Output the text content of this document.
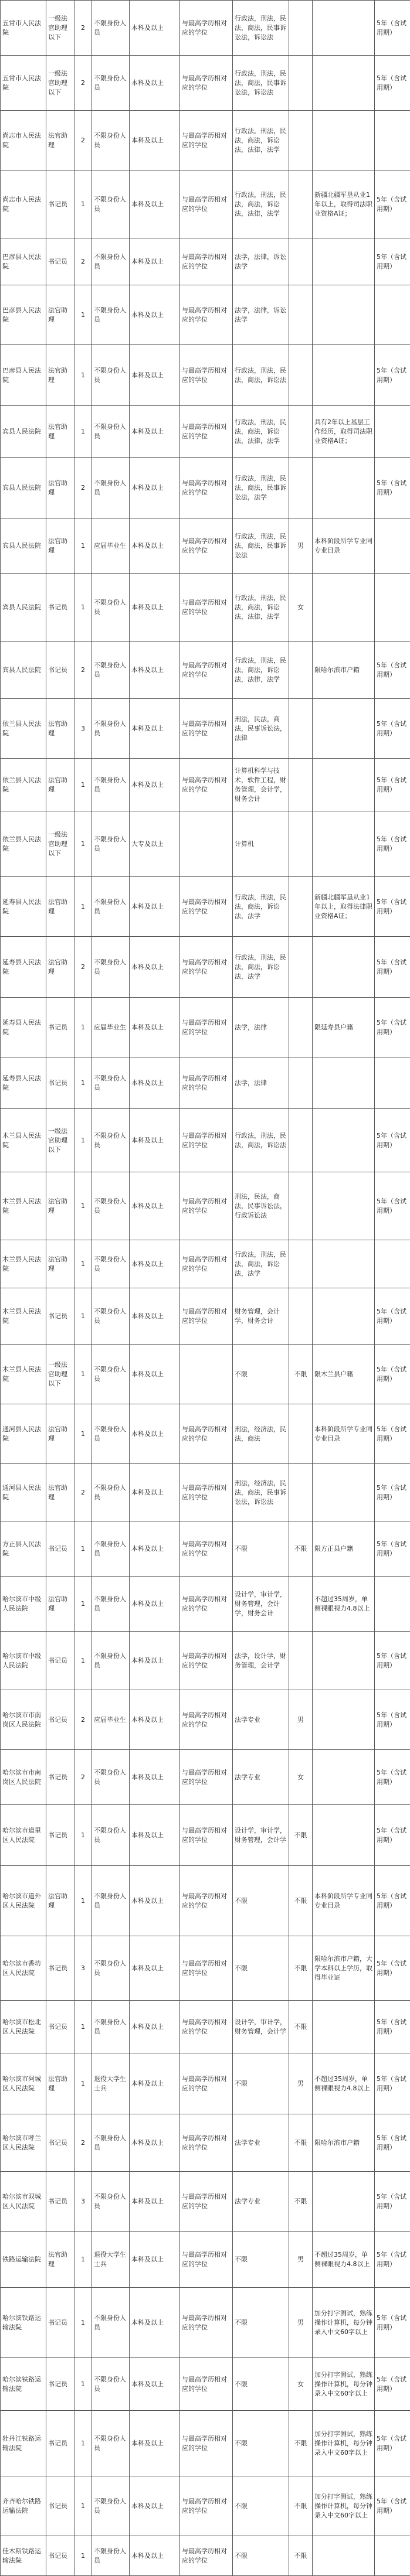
五常市人民法院	一级法官助理以下	2	不限身份人员	本科及以上	与最高学历相对应的学位	行政法，刑法，民法，商法，民事诉讼法，诉讼法			5年（含试用期）
五常市人民法院	一级法官助理以下	2	不限身份人员	本科及以上	与最高学历相对应的学位	行政法，刑法，民法，商法，民事诉讼法，诉讼法			5年（含试用期）
尚志市人民法院	法官助理	2	不限身份人员	本科及以上	与最高学历相对应的学位	行政法，刑法，民法，商法，诉讼法，法律，法学			
尚志市人民法院	书记员	1	不限身份人员	本科及以上	与最高学历相对应的学位	行政法，刑法，民法，商法，诉讼法，法律，法学		新疆北疆军垦从业1年以上，取得司法职业资格A证；	5年（含试用期）
巴彦县人民法院	书记员	2	不限身份人员	本科及以上	与最高学历相对应的学位	法学，法律，诉讼法学			5年（含试用期）
巴彦县人民法院	法官助理	1	不限身份人员	本科及以上	与最高学历相对应的学位	法学，法律，诉讼法学			
巴彦县人民法院	法官助理	1	不限身份人员	本科及以上	与最高学历相对应的学位	行政法，刑法，民法，商法，诉讼法			5年（含试用期）
宾县人民法院	法官助理	1	不限身份人员	本科及以上	与最高学历相对应的学位	行政法，刑法，民法，商法，诉讼法，法律，法学		具有2年以上基层工作经历，取得司法职业资格A证；	
宾县人民法院	法官助理	2	不限身份人员	本科及以上	与最高学历相对应的学位	行政法，刑法，民法，商法，民事诉讼法，法学			5年（含试用期）
宾县人民法院	法官助理	1	应届毕业生	本科及以上	与最高学历相对应的学位	行政法，刑法，民法，商法，民事诉讼法	男	本科阶段所学专业同专业目录	
宾县人民法院	书记员	1	不限身份人员	本科及以上	与最高学历相对应的学位	行政法，刑法，民法，商法，诉讼法，法律，法学	女		
宾县人民法院	书记员	2	不限身份人员	本科及以上	与最高学历相对应的学位	行政法，刑法，民法，商法，诉讼法，法律，法学		限哈尔滨市户籍	5年（含试用期）
依兰县人民法院	法官助理	3	不限身份人员	本科及以上	与最高学历相对应的学位	刑法，民法，商法，民事诉讼法，法律			5年（含试用期）
依兰县人民法院	法官助理	1	不限身份人员	本科及以上	与最高学历相对应的学位	计算机科学与技术，软件工程，财务管理，会计学，财务会计			5年（含试用期）
依兰县人民法院	一级法官助理以下	1	不限身份人员	大专及以上		计算机			5年（含试用期）
延寿县人民法院	法官助理	1	不限身份人员	本科及以上	与最高学历相对应的学位	行政法，刑法，民法，商法，诉讼法，法学		新疆北疆军垦从业1年以上，取得法律职业资格A证；	5年（含试用期）
延寿县人民法院	法官助理	2	不限身份人员	本科及以上	与最高学历相对应的学位	行政法，刑法，民法，商法，诉讼法，法学			5年（含试用期）
延寿县人民法院	书记员	1	应届毕业生	本科及以上	与最高学历相对应的学位	法学，法律		限延寿县户籍	5年（含试用期）
延寿县人民法院	书记员	1	不限身份人员	本科及以上	与最高学历相对应的学位	法学，法律			
木兰县人民法院	一级法官助理以下	1	不限身份人员	本科及以上	与最高学历相对应的学位	行政法，刑法，民法，商法，诉讼法			5年（含试用期）
木兰县人民法院	法官助理	1	不限身份人员	本科及以上	与最高学历相对应的学位	刑法，民法，商法，民事诉讼法，行政诉讼法			5年（含试用期）
木兰县人民法院	法官助理	1	不限身份人员	本科及以上	与最高学历相对应的学位	行政法，刑法，民法，商法，诉讼法，法学			
木兰县人民法院	书记员	1	不限身份人员	本科及以上	与最高学历相对应的学位	财务管理，会计学，财务会计			5年（含试用期）
木兰县人民法院	一级法官助理以下	1	不限身份人员	本科及以上		不限	不限	限木兰县户籍	5年（含试用期）
通河县人民法院	法官助理	1	不限身份人员	本科及以上	与最高学历相对应的学位	刑法，经济法，民法，商法		本科阶段所学专业同专业目录	5年（含试用期）
通河县人民法院	法官助理	2	不限身份人员	本科及以上	与最高学历相对应的学位	刑法，经济法，民法，商法，民事诉讼法，诉讼法			5年（含试用期）
方正县人民法院	书记员	1	不限身份人员	本科及以上	与最高学历相对应的学位	不限	不限	限方正县户籍	5年（含试用期）
哈尔滨市中级人民法院	法官助理	1	不限身份人员	本科及以上	与最高学历相对应的学位	设计学，审计学，财务管理，会计学，财务会计		不超过35周岁，单侧裸眼视力4.8以上	
哈尔滨市中级人民法院	书记员	1	不限身份人员	本科及以上	与最高学历相对应的学位	法学，设计学，财务管理，会计学			5年（含试用期）
哈尔滨市市南岗区人民法院	书记员	2	应届毕业生	本科及以上	与最高学历相对应的学位	法学专业	男		5年（含试用期）
哈尔滨市市南岗区人民法院	书记员	2	不限身份人员	本科及以上	与最高学历相对应的学位	法学专业	女		5年（含试用期）
哈尔滨市道里区人民法院	书记员	1	不限身份人员	本科及以上	与最高学历相对应的学位	设计学，审计学，财务管理，会计学	不限		5年（含试用期）
哈尔滨市道外区人民法院	法官助理	1	不限身份人员	本科及以上	与最高学历相对应的学位	不限	不限	本科阶段所学专业同专业目录	5年（含试用期）
哈尔滨市香坊区人民法院	书记员	3	不限身份人员	本科及以上	与最高学历相对应的学位	不限	不限	限哈尔滨市户籍，大学本科以上学历，取得毕业证	5年（含试用期）
哈尔滨市松北区人民法院	书记员	1	不限身份人员	本科及以上	与最高学历相对应的学位	设计学，审计学，财务管理，会计学	不限		5年（含试用期）
哈尔滨市阿城区人民法院	法官助理	1	退役大学生士兵	本科及以上	与最高学历相对应的学位	不限	男	不超过35周岁，单侧裸眼视力4.8以上	5年（含试用期）
哈尔滨市呼兰区人民法院	书记员	2	不限身份人员	本科及以上	与最高学历相对应的学位	法学专业	不限	限哈尔滨市户籍	5年（含试用期）
哈尔滨市双城区人民法院	书记员	3	不限身份人员	本科及以上	与最高学历相对应的学位	法学专业	不限		5年（含试用期）
铁路运输法院	法官助理	1	退役大学生士兵	本科及以上	与最高学历相对应的学位	不限	男	不超过35周岁，单侧裸眼视力4.8以上	5年（含试用期）
哈尔滨铁路运输法院	书记员	1	不限身份人员	本科及以上	与最高学历相对应的学位	不限	男	加分打字测试，熟练操作计算机，每分钟录入中文60字以上	5年（含试用期）
哈尔滨铁路运输法院	书记员	1	不限身份人员	本科及以上	与最高学历相对应的学位	不限	女	加分打字测试，熟练操作计算机，每分钟录入中文60字以上	5年（含试用期）
牡丹江铁路运输法院	书记员	1	不限身份人员	本科及以上	与最高学历相对应的学位	不限	不限	加分打字测试，熟练操作计算机，每分钟录入中文60字以上	5年（含试用期）
齐齐哈尔铁路运输法院	书记员	1	不限身份人员	本科及以上	与最高学历相对应的学位	不限	不限	加分打字测试，熟练操作计算机，每分钟录入中文60字以上	5年（含试用期）
佳木斯铁路运输法院	书记员	1	不限身份人员	本科及以上	与最高学历相对应的学位	不限	不限		
